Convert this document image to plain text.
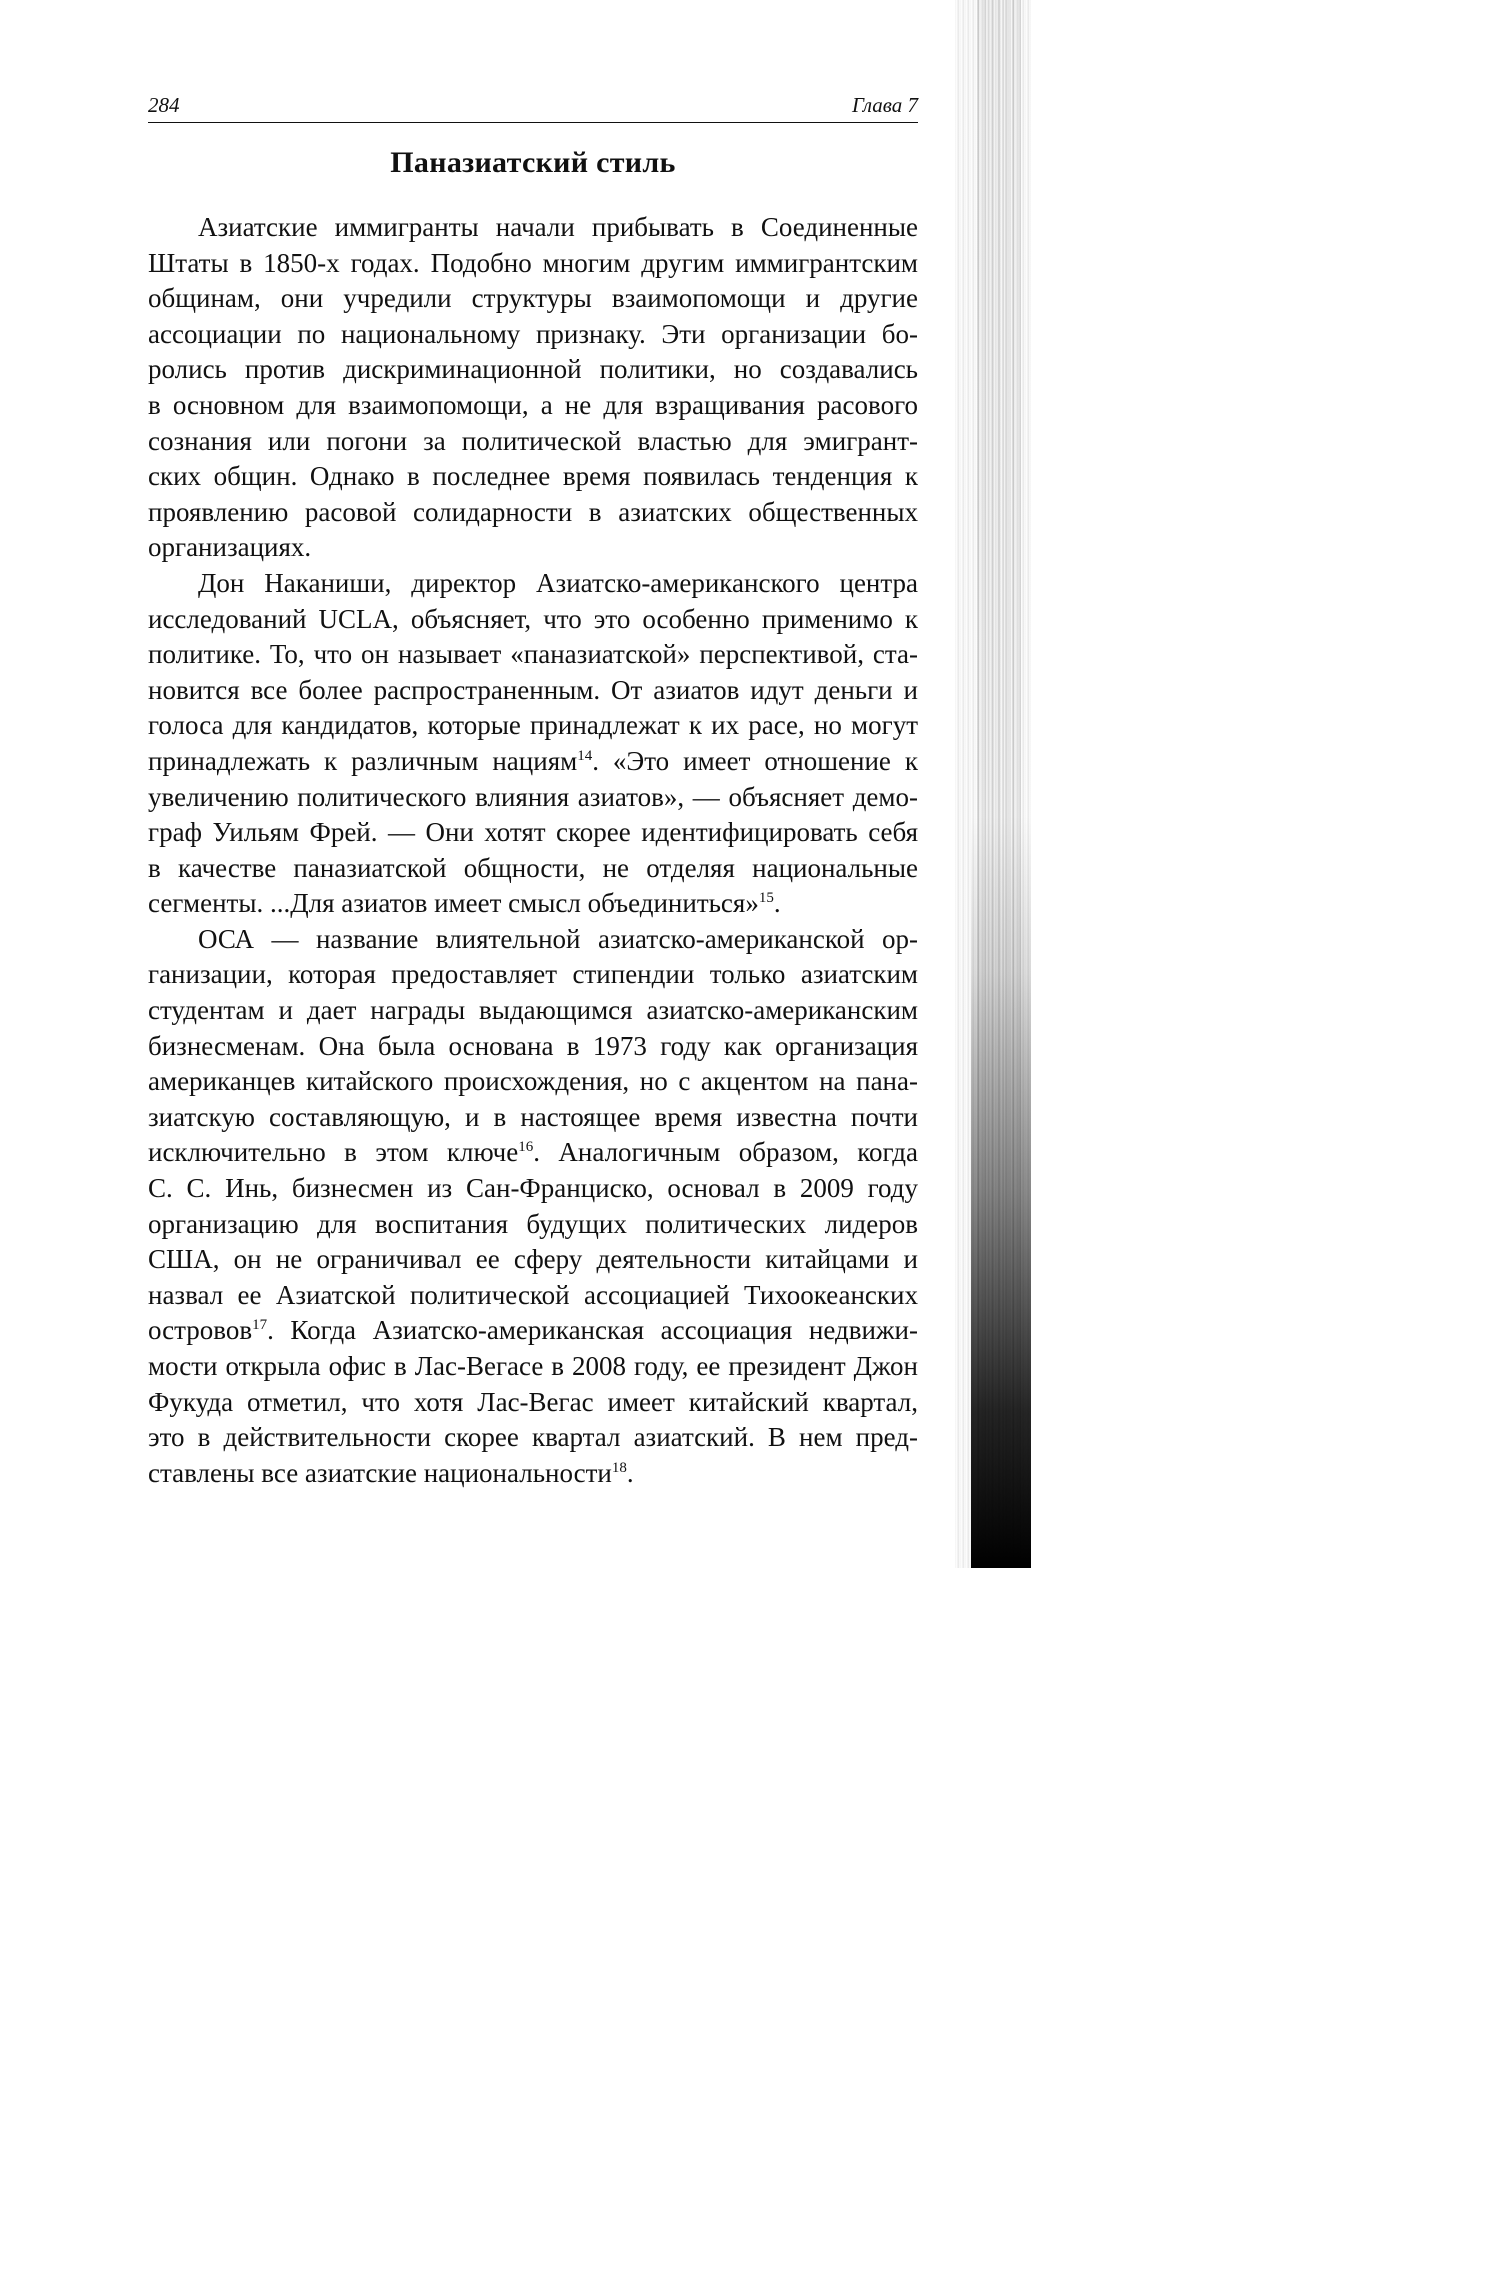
284	Глава 7
Паназиатский стиль
Азиатские иммигранты начали прибывать в Соединенные
Штаты в 1850-х годах. Подобно многим другим иммигрантским
общинам, они учредили структуры взаимопомощи и другие
ассоциации по национальному признаку. Эти организации бо-
ролись против дискриминационной политики, но создавались
в основном для взаимопомощи, а не для взращивания расового
сознания или погони за политической властью для эмигрант-
ских общин. Однако в последнее время появилась тенденция к
проявлению расовой солидарности в азиатских общественных
организациях.
Дон Наканиши, директор Азиатско-американского центра
исследований UCLA, объясняет, что это особенно применимо к
политике. То, что он называет «паназиатской» перспективой, ста-
новится все более распространенным. От азиатов идут деньги и
голоса для кандидатов, которые принадлежат к их расе, но могут
принадлежать к различным нациям$^{14}$. «Это имеет отношение к
увеличению политического влияния азиатов», — объясняет демо-
граф Уильям Фрей. — Они хотят скорее идентифицировать себя
в качестве паназиатской общности, не отделяя национальные
сегменты. ...Для азиатов имеет смысл объединиться»$^{15}$.
ОСА — название влиятельной азиатско-американской ор-
ганизации, которая предоставляет стипендии только азиатским
студентам и дает награды выдающимся азиатско-американским
бизнесменам. Она была основана в 1973 году как организация
американцев китайского происхождения, но с акцентом на пана-
зиатскую составляющую, и в настоящее время известна почти
исключительно в этом ключе$^{16}$. Аналогичным образом, когда
С. С. Инь, бизнесмен из Сан-Франциско, основал в 2009 году
организацию для воспитания будущих политических лидеров
США, он не ограничивал ее сферу деятельности китайцами и
назвал ее Азиатской политической ассоциацией Тихоокеанских
островов$^{17}$. Когда Азиатско-американская ассоциация недвижи-
мости открыла офис в Лас-Вегасе в 2008 году, ее президент Джон
Фукуда отметил, что хотя Лас-Вегас имеет китайский квартал,
это в действительности скорее квартал азиатский. В нем пред-
ставлены все азиатские национальности$^{18}$.
